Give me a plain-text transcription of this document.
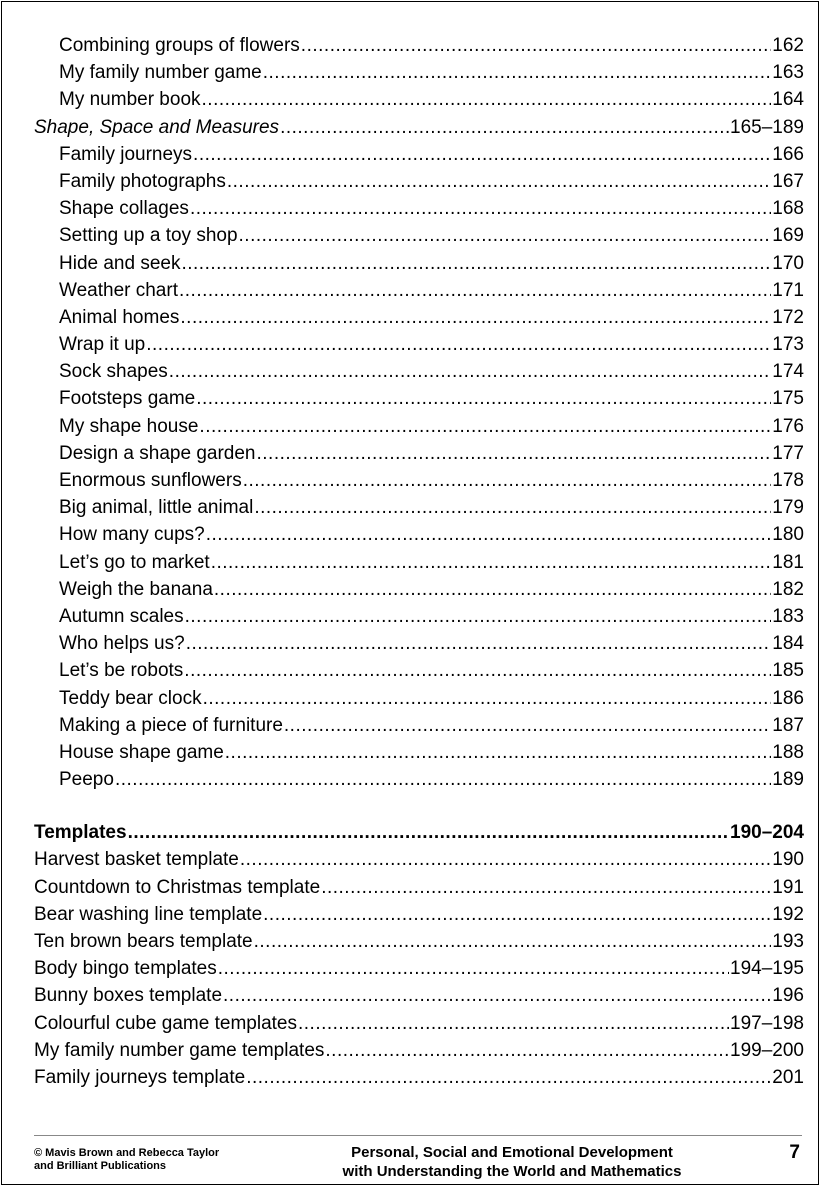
Combining groups of flowers .....	162
My family number game .....	163
My number book .....	164
Shape, Space and Measures .....	165–189
Family journeys .....	166
Family photographs .....	167
Shape collages .....	168
Setting up a toy shop .....	169
Hide and seek .....	170
Weather chart .....	171
Animal homes .....	172
Wrap it up .....	173
Sock shapes .....	174
Footsteps game .....	175
My shape house .....	176
Design a shape garden .....	177
Enormous sunflowers .....	178
Big animal, little animal .....	179
How many cups? .....	180
Let’s go to market .....	181
Weigh the banana .....	182
Autumn scales .....	183
Who helps us? .....	184
Let’s be robots .....	185
Teddy bear clock .....	186
Making a piece of furniture .....	187
House shape game .....	188
Peepo .....	189
Templates .....	190–204
Harvest basket template .....	190
Countdown to Christmas template .....	191
Bear washing line template .....	192
Ten brown bears template .....	193
Body bingo templates .....	194–195
Bunny boxes template .....	196
Colourful cube game templates .....	197–198
My family number game templates .....	199–200
Family journeys template .....	201
© Mavis Brown and Rebecca Taylor
and Brilliant Publications
Personal, Social and Emotional Development
with Understanding the World and Mathematics
7
